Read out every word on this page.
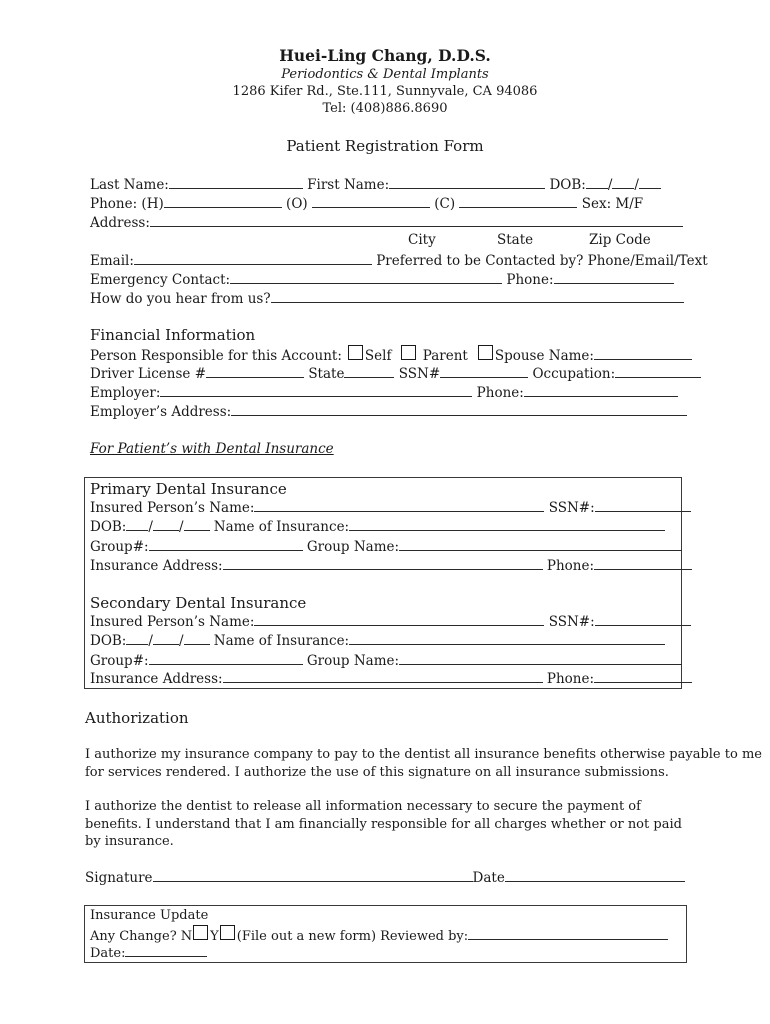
Huei-Ling Chang, D.D.S.
Periodontics & Dental Implants
1286 Kifer Rd., Ste.111, Sunnyvale, CA 94086
Tel: (408)886.8690
Patient Registration Form
Last Name:	First Name:	DOB: / /
Phone: (H)	(O)	(C)	Sex: M/F
Address:
City	State	Zip Code
Email:	Preferred to be Contacted by? Phone/Email/Text
Emergency Contact:	Phone:
How do you hear from us?
Financial Information
Person Responsible for this Account: Self Parent Spouse Name:
Driver License #	State	SSN#	Occupation:
Employer:	Phone:
Employer’s Address:
For Patient’s with Dental Insurance
Primary Dental Insurance
Insured Person’s Name:	SSN#:
DOB: / / Name of Insurance:
Group#:	Group Name:
Insurance Address:	Phone:
Secondary Dental Insurance
Insured Person’s Name:	SSN#:
DOB: / / Name of Insurance:
Group#:	Group Name:
Insurance Address:	Phone:
Authorization
I authorize my insurance company to pay to the dentist all insurance benefits otherwise payable to me
for services rendered. I authorize the use of this signature on all insurance submissions.
I authorize the dentist to release all information necessary to secure the payment of
benefits. I understand that I am financially responsible for all charges whether or not paid
by insurance.
Signature	Date
Insurance Update
Any Change? N Y (File out a new form) Reviewed by:
Date:
